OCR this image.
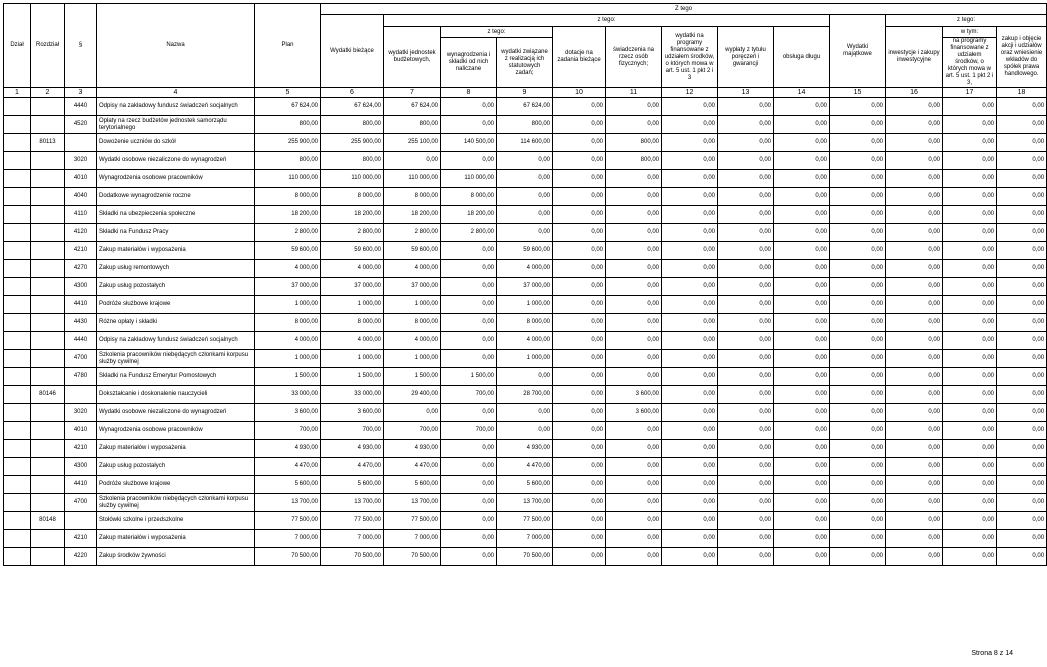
Dział	Rozdział	§	Nazwa	Plan	Z tego												
					Wydatki bieżące	z tego:								Wydatki majątkowe	z tego:		
						wydatki jednostek budżetowych,	z tego:		dotacje na zadania bieżące	świadczenia na rzecz osób fizycznych;	wydatki na programy finansowane z udziałem środków, o których mowa w art. 5 ust. 1 pkt 2 i 3	wypłaty z tytułu poręczeń i gwarancji	obsługa długu		inwestycje i zakupy inwestycyjne	w tym:	zakup i objęcie akcji i udziałów oraz wniesienie wkładów do spółek prawa handlowego.
							wynagrodzenia i składki od nich naliczane	wydatki związane z realizacją ich statutowych zadań;								na programy finansowane z udziałem środków, o których mowa w art. 5 ust. 1 pkt 2 i 3,	
1	2	3	4	5	6	7	8	9	10	11	12	13	14	15	16	17	18
		4440	Odpisy na zakładowy fundusz świadczeń socjalnych	67 624,00	67 624,00	67 624,00	0,00	67 624,00	0,00	0,00	0,00	0,00	0,00	0,00	0,00	0,00	0,00
		4520	Opłaty na rzecz budżetów jednostek samorządu terytorialnego	800,00	800,00	800,00	0,00	800,00	0,00	0,00	0,00	0,00	0,00	0,00	0,00	0,00	0,00
	80113		Dowożenie uczniów do szkół	255 900,00	255 900,00	255 100,00	140 500,00	114 600,00	0,00	800,00	0,00	0,00	0,00	0,00	0,00	0,00	0,00
		3020	Wydatki osobowe niezaliczone do wynagrodzeń	800,00	800,00	0,00	0,00	0,00	0,00	800,00	0,00	0,00	0,00	0,00	0,00	0,00	0,00
		4010	Wynagrodzenia osobowe pracowników	110 000,00	110 000,00	110 000,00	110 000,00	0,00	0,00	0,00	0,00	0,00	0,00	0,00	0,00	0,00	0,00
		4040	Dodatkowe wynagrodzenie roczne	8 000,00	8 000,00	8 000,00	8 000,00	0,00	0,00	0,00	0,00	0,00	0,00	0,00	0,00	0,00	0,00
		4110	Składki na ubezpieczenia społeczne	18 200,00	18 200,00	18 200,00	18 200,00	0,00	0,00	0,00	0,00	0,00	0,00	0,00	0,00	0,00	0,00
		4120	Składki na Fundusz Pracy	2 800,00	2 800,00	2 800,00	2 800,00	0,00	0,00	0,00	0,00	0,00	0,00	0,00	0,00	0,00	0,00
		4210	Zakup materiałów i wyposażenia	59 600,00	59 600,00	59 600,00	0,00	59 600,00	0,00	0,00	0,00	0,00	0,00	0,00	0,00	0,00	0,00
		4270	Zakup usług remontowych	4 000,00	4 000,00	4 000,00	0,00	4 000,00	0,00	0,00	0,00	0,00	0,00	0,00	0,00	0,00	0,00
		4300	Zakup usług pozostałych	37 000,00	37 000,00	37 000,00	0,00	37 000,00	0,00	0,00	0,00	0,00	0,00	0,00	0,00	0,00	0,00
		4410	Podróże służbowe krajowe	1 000,00	1 000,00	1 000,00	0,00	1 000,00	0,00	0,00	0,00	0,00	0,00	0,00	0,00	0,00	0,00
		4430	Różne opłaty i składki	8 000,00	8 000,00	8 000,00	0,00	8 000,00	0,00	0,00	0,00	0,00	0,00	0,00	0,00	0,00	0,00
		4440	Odpisy na zakładowy fundusz świadczeń socjalnych	4 000,00	4 000,00	4 000,00	0,00	4 000,00	0,00	0,00	0,00	0,00	0,00	0,00	0,00	0,00	0,00
		4700	Szkolenia pracowników niebędących członkami korpusu służby cywilnej	1 000,00	1 000,00	1 000,00	0,00	1 000,00	0,00	0,00	0,00	0,00	0,00	0,00	0,00	0,00	0,00
		4780	Składki na Fundusz Emerytur Pomostowych	1 500,00	1 500,00	1 500,00	1 500,00	0,00	0,00	0,00	0,00	0,00	0,00	0,00	0,00	0,00	0,00
	80146		Dokształcanie i doskonalenie nauczycieli	33 000,00	33 000,00	29 400,00	700,00	28 700,00	0,00	3 600,00	0,00	0,00	0,00	0,00	0,00	0,00	0,00
		3020	Wydatki osobowe niezaliczone do wynagrodzeń	3 600,00	3 600,00	0,00	0,00	0,00	0,00	3 600,00	0,00	0,00	0,00	0,00	0,00	0,00	0,00
		4010	Wynagrodzenia osobowe pracowników	700,00	700,00	700,00	700,00	0,00	0,00	0,00	0,00	0,00	0,00	0,00	0,00	0,00	0,00
		4210	Zakup materiałów i wyposażenia	4 930,00	4 930,00	4 930,00	0,00	4 930,00	0,00	0,00	0,00	0,00	0,00	0,00	0,00	0,00	0,00
		4300	Zakup usług pozostałych	4 470,00	4 470,00	4 470,00	0,00	4 470,00	0,00	0,00	0,00	0,00	0,00	0,00	0,00	0,00	0,00
		4410	Podróże służbowe krajowe	5 600,00	5 600,00	5 600,00	0,00	5 600,00	0,00	0,00	0,00	0,00	0,00	0,00	0,00	0,00	0,00
		4700	Szkolenia pracowników niebędących członkami korpusu służby cywilnej	13 700,00	13 700,00	13 700,00	0,00	13 700,00	0,00	0,00	0,00	0,00	0,00	0,00	0,00	0,00	0,00
	80148		Stołówki szkolne i przedszkolne	77 500,00	77 500,00	77 500,00	0,00	77 500,00	0,00	0,00	0,00	0,00	0,00	0,00	0,00	0,00	0,00
		4210	Zakup materiałów i wyposażenia	7 000,00	7 000,00	7 000,00	0,00	7 000,00	0,00	0,00	0,00	0,00	0,00	0,00	0,00	0,00	0,00
		4220	Zakup środków żywności	70 500,00	70 500,00	70 500,00	0,00	70 500,00	0,00	0,00	0,00	0,00	0,00	0,00	0,00	0,00	0,00
Strona 8 z 14
